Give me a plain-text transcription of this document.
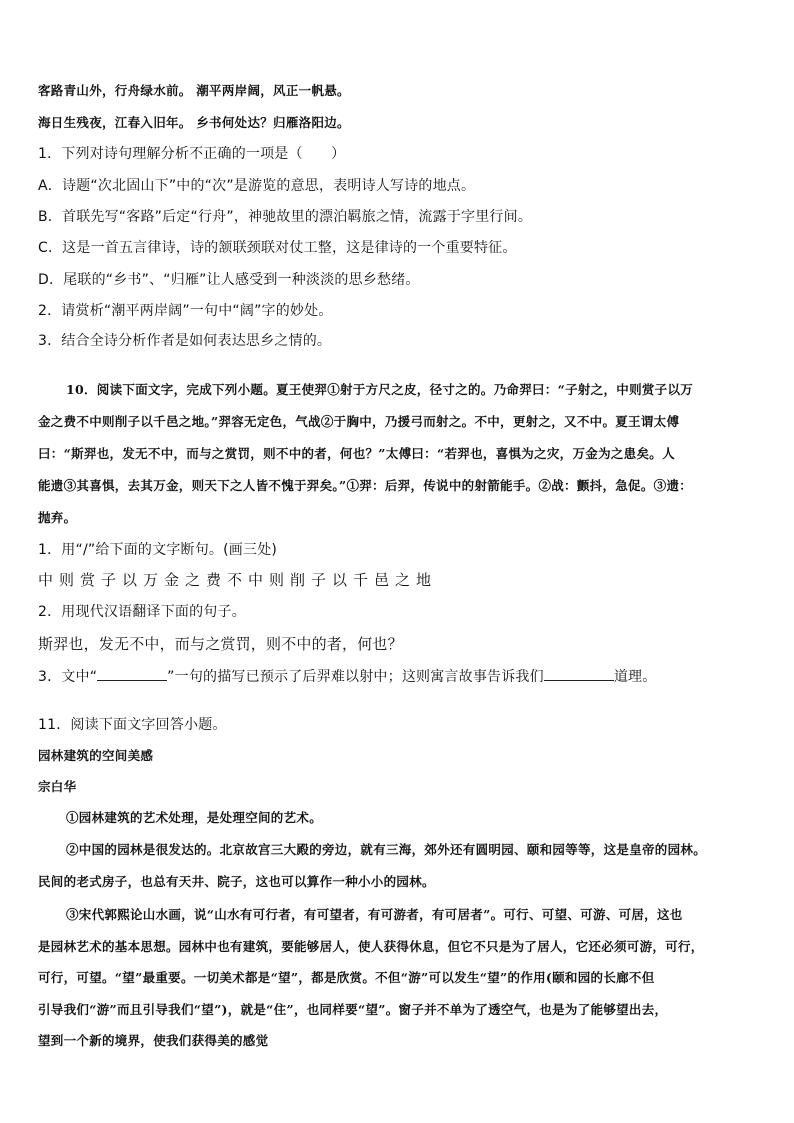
客路青山外，行舟绿水前。 潮平两岸阔，风正一帆悬。
海日生残夜，江春入旧年。 乡书何处达？归雁洛阳边。
1．下列对诗句理解分析不正确的一项是（　　）
A．诗题“次北固山下”中的“次”是游览的意思，表明诗人写诗的地点。
B．首联先写“客路”后定“行舟”，神驰故里的漂泊羁旅之情，流露于字里行间。
C．这是一首五言律诗，诗的颔联颈联对仗工整，这是律诗的一个重要特征。
D．尾联的“乡书”、“归雁”让人感受到一种淡淡的思乡愁绪。
2．请赏析“潮平两岸阔”一句中“阔”字的妙处。
3．结合全诗分析作者是如何表达思乡之情的。
10．阅读下面文字，完成下列小题。夏王使羿①射于方尺之皮，径寸之的。乃命羿曰：“子射之，中则赏子以万
金之费不中则削子以千邑之地。”羿容无定色，气战②于胸中，乃援弓而射之。不中，更射之，又不中。夏王谓太傅
曰：“斯羿也，发无不中，而与之赏罚，则不中的者，何也？”太傅曰：“若羿也，喜惧为之灾，万金为之患矣。人
能遗③其喜惧，去其万金，则天下之人皆不愧于羿矣。”①羿：后羿，传说中的射箭能手。②战：颤抖，急促。③遗：
抛弃。
1．用“/”给下面的文字断句。(画三处)
中则赏子以万金之费不中则削子以千邑之地
2．用现代汉语翻译下面的句子。
斯羿也，发无不中，而与之赏罚，则不中的者，何也？
3．文中“	”一句的描写已预示了后羿难以射中；这则寓言故事告诉我们	道理。
11．阅读下面文字回答小题。
园林建筑的空间美感
宗白华
①园林建筑的艺术处理，是处理空间的艺术。
②中国的园林是很发达的。北京故宫三大殿的旁边，就有三海，郊外还有圆明园、颐和园等等，这是皇帝的园林。
民间的老式房子，也总有天井、院子，这也可以算作一种小小的园林。
③宋代郭熙论山水画，说“山水有可行者，有可望者，有可游者，有可居者”。可行、可望、可游、可居，这也
是园林艺术的基本思想。园林中也有建筑，要能够居人，使人获得休息，但它不只是为了居人，它还必须可游，可行，
可行，可望。“望”最重要。一切美术都是“望”，都是欣赏。不但“游”可以发生“望”的作用(颐和园的长廊不但
引导我们“游”而且引导我们“望”)，就是“住”，也同样要“望”。窗子并不单为了透空气，也是为了能够望出去，
望到一个新的境界，使我们获得美的感觉
